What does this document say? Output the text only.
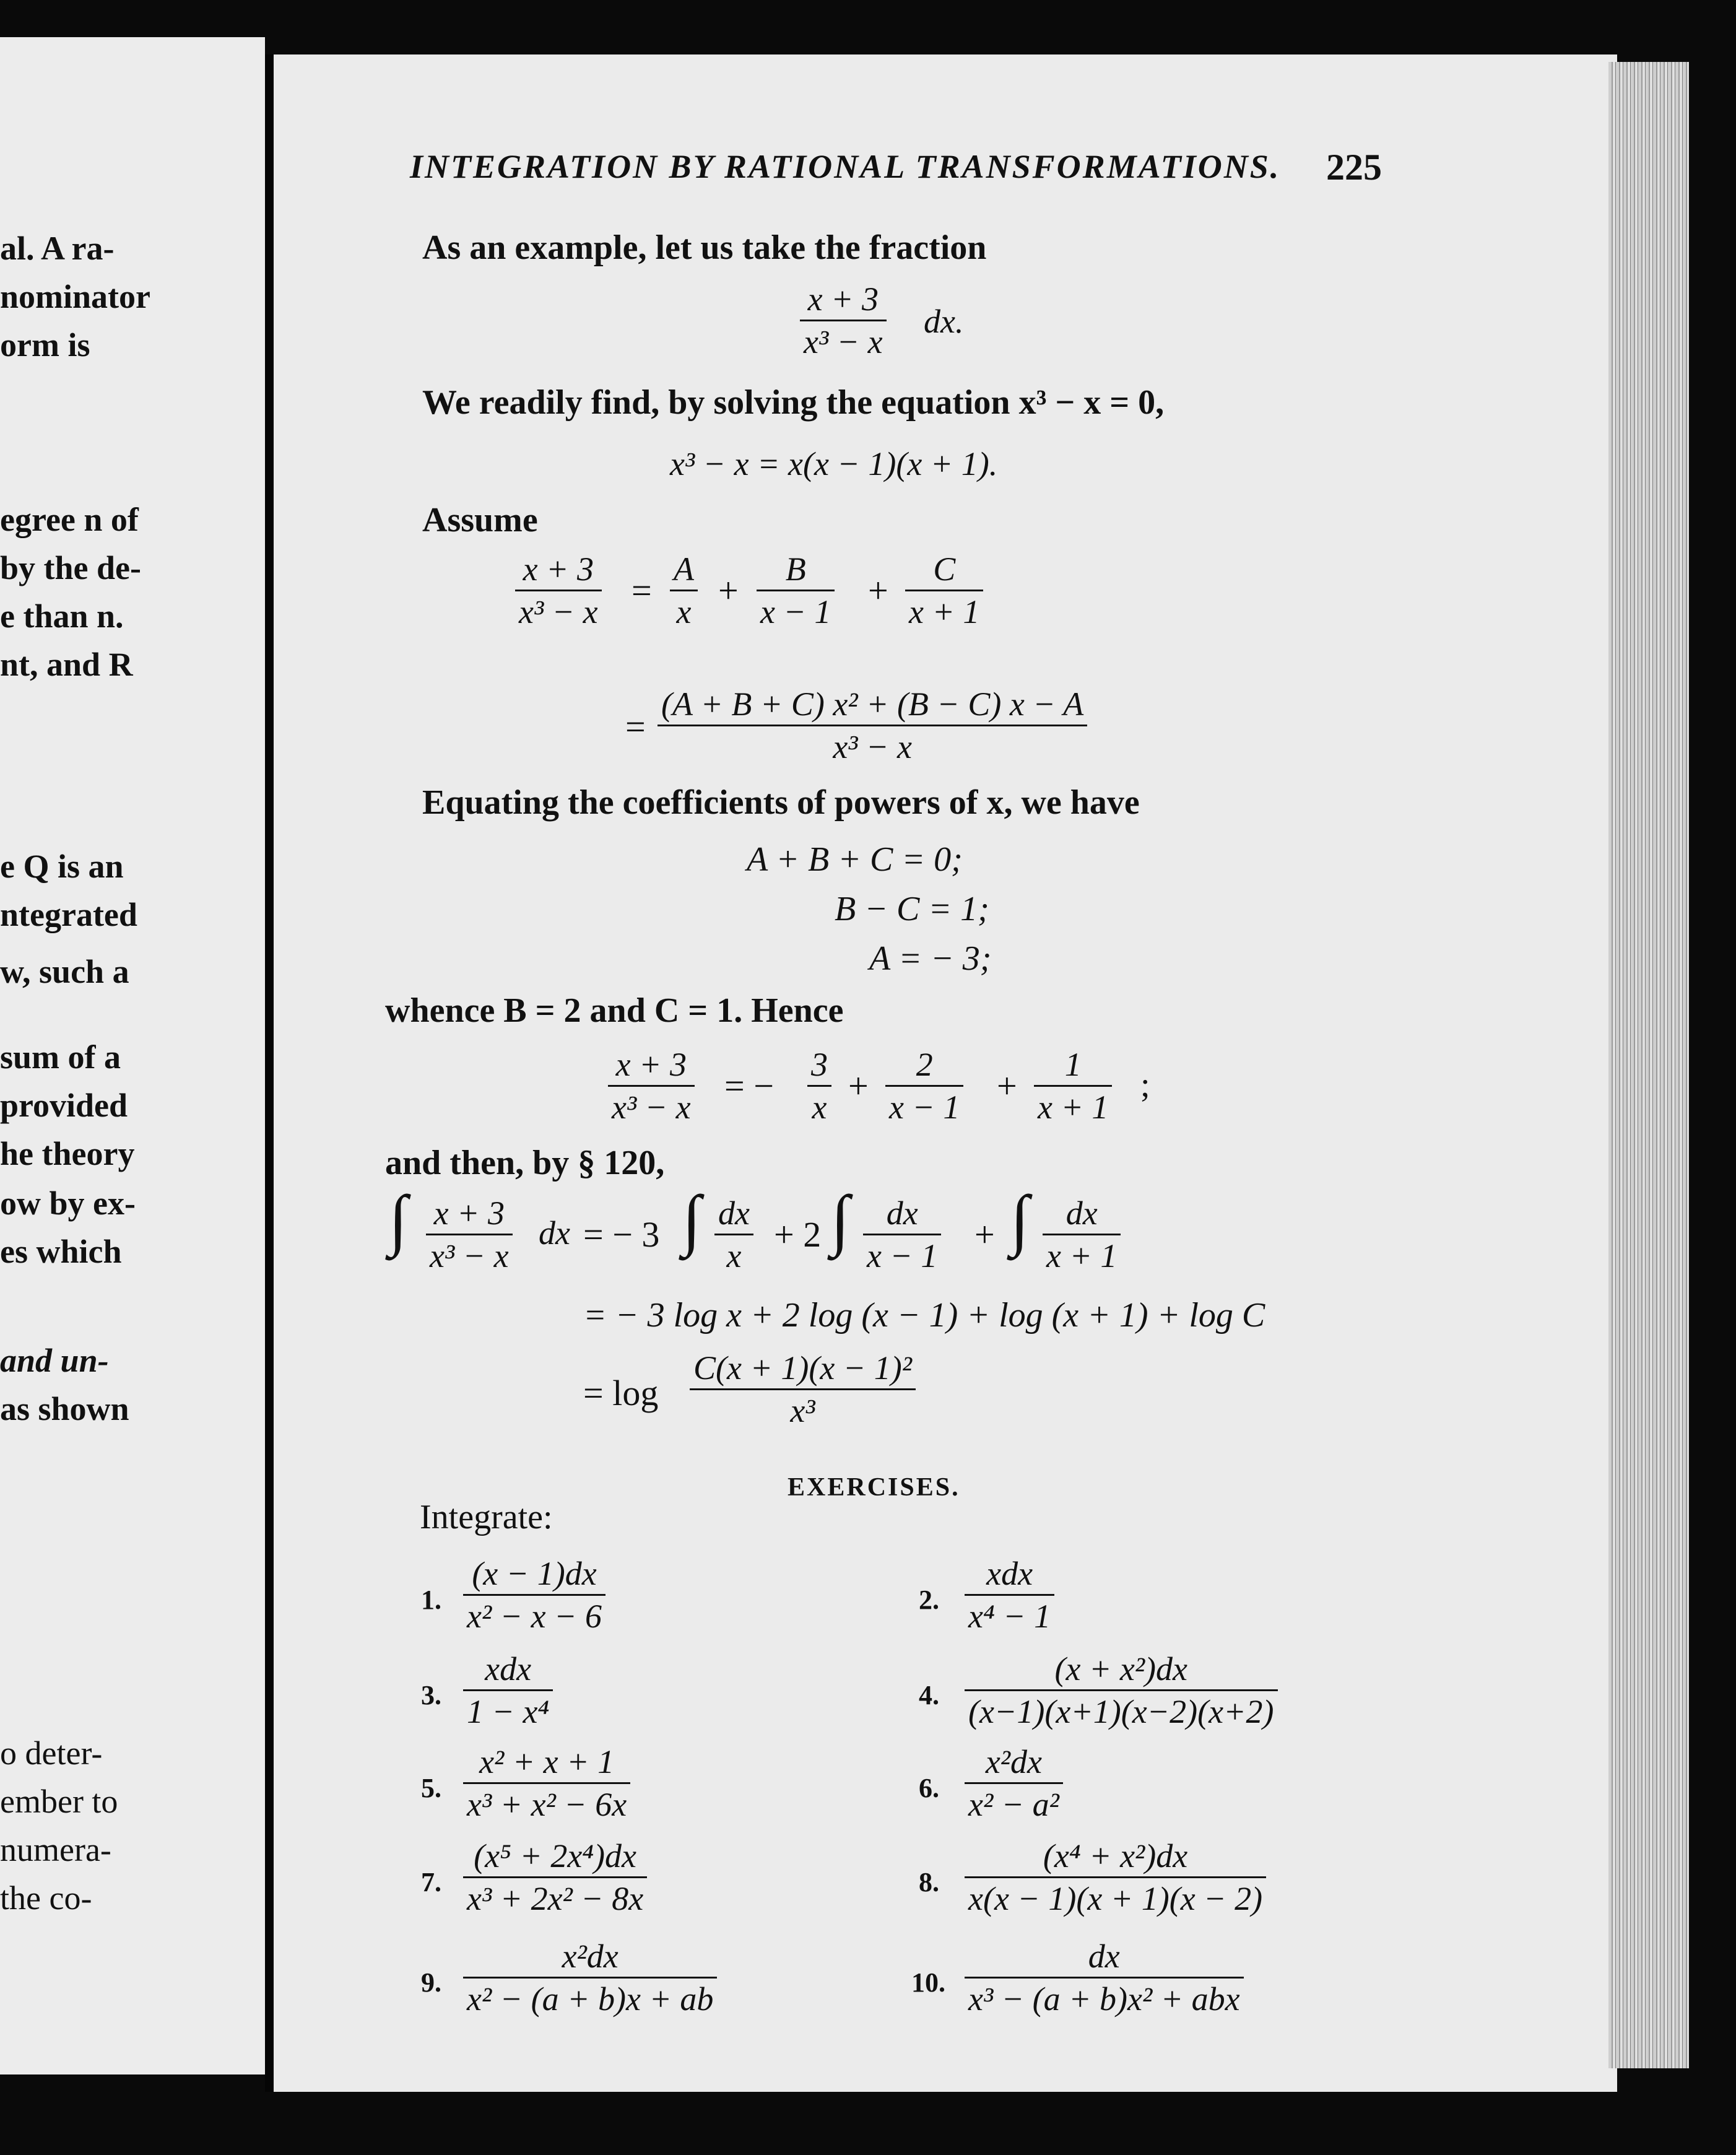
al. A ra-
nominator
orm is
egree n of
by the de-
e than n.
nt, and R
e Q is an
ntegrated
w, such a
sum of a
provided
he theory
ow by ex-
es which
and un-
as shown
o deter-
ember to
numera-
the co-
INTEGRATION BY RATIONAL TRANSFORMATIONS. 225
As an example, let us take the fraction
$\frac{x + 3}{\text{x³ − x}}$ dx.
We readily find, by solving the equation x³ − x = 0,
x³ − x = x(x − 1)(x + 1).
Assume
$\frac{x + 3}{\text{x³ − x}} = \frac{A}{x} + \frac{B}{x - 1} + \frac{C}{x + 1}$
= $\frac{\text{(A + B + C) x² + (B − C) x − A}}{\text{x³ − x}}$
Equating the coefficients of powers of x, we have
A + B + C = 0;
B − C = 1;
A = − 3;
whence B = 2 and C = 1. Hence
$\frac{x + 3}{\text{x³ − x}}$ = − $\frac{3}{x} + \frac{2}{x - 1} + \frac{1}{x + 1}$ ;
and then, by § 120,
∫ $\frac{x + 3}{\text{x³ − x}}$ dx = − 3 ∫ $\frac{dx}{x} + 2$ ∫ $\frac{dx}{x - 1}$ + ∫ $\frac{dx}{x + 1}$
= − 3 log x + 2 log (x − 1) + log (x + 1) + log C
= $\log \frac{\text{C(x + 1)(x − 1)²}}{\text{x³}}$
EXERCISES.
Integrate:
1. $\frac{(x - 1)dx}{\text{x² − x − 6}}$
3.
xdx
1 − x⁴
5. $\frac{\text{x² + x + 1}}{\text{x³ + x² − 6x}}$
7. $\frac{\text{(x⁵ + 2x⁴)dx}}{\text{x³ + 2x² − 8x}}$
9. $\frac{\text{x²dx}}{\text{x² − (a + b)x + ab}}$
2.
xdx
x⁴ − 1
4. $\frac{\text{(x + x²)dx}}{(x-1)(x+1)(x-2)(x+2)}$
6. $\frac{\text{x²dx}}{\text{x² − a²}}$
8. $\frac{\text{(x⁴ + x²)dx}}{x(x - 1)(x + 1)(x - 2)}$
10.
dx
x³ − (a + b)x² + abx
